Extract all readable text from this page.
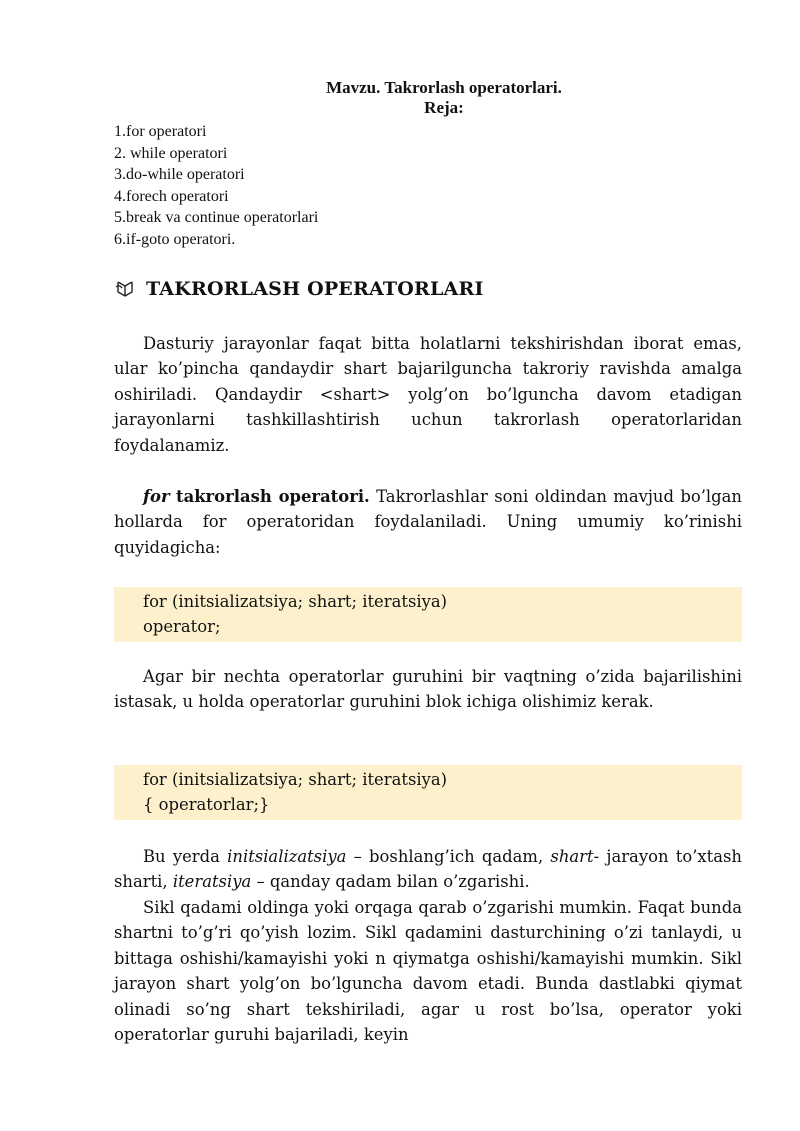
Mavzu. Takrorlash operatorlari.
Reja:
1.for operatori
2. while operatori
3.do-while operatori
4.forech operatori
5.break va continue operatorlari
6.if-goto operatori.
TAKRORLASH OPERATORLARI

Dasturiy jarayonlar faqat bitta holatlarni tekshirishdan iborat emas, ular ko’pincha qandaydir shart bajarilguncha takroriy ravishda amalga oshiriladi. Qandaydir <shart> yolg’on bo’lguncha davom etadigan jarayonlarni tashkillashtirish uchun takrorlash operatorlaridan foydalanamiz.

for takrorlash operatori. Takrorlashlar soni oldindan mavjud bo’lgan hollarda for operatoridan foydalaniladi. Uning umumiy ko’rinishi quyidagicha:

for (initsializatsiya; shart; iteratsiya)
operator;

Agar bir nechta operatorlar guruhini bir vaqtning o’zida bajarilishini istasak, u holda operatorlar guruhini blok ichiga olishimiz kerak.

for (initsializatsiya; shart; iteratsiya)
{ operatorlar;}

Bu yerda initsializatsiya – boshlang’ich qadam, shart- jarayon to’xtash sharti, iteratsiya – qanday qadam bilan o’zgarishi.

Sikl qadami oldinga yoki orqaga qarab o’zgarishi mumkin. Faqat bunda shartni to’g’ri qo’yish lozim. Sikl qadamini dasturchining o’zi tanlaydi, u bittaga oshishi/kamayishi yoki n qiymatga oshishi/kamayishi mumkin. Sikl jarayon shart yolg’on bo’lguncha davom etadi. Bunda dastlabki qiymat olinadi so’ng shart tekshiriladi, agar u rost bo’lsa, operator yoki operatorlar guruhi bajariladi, keyin
